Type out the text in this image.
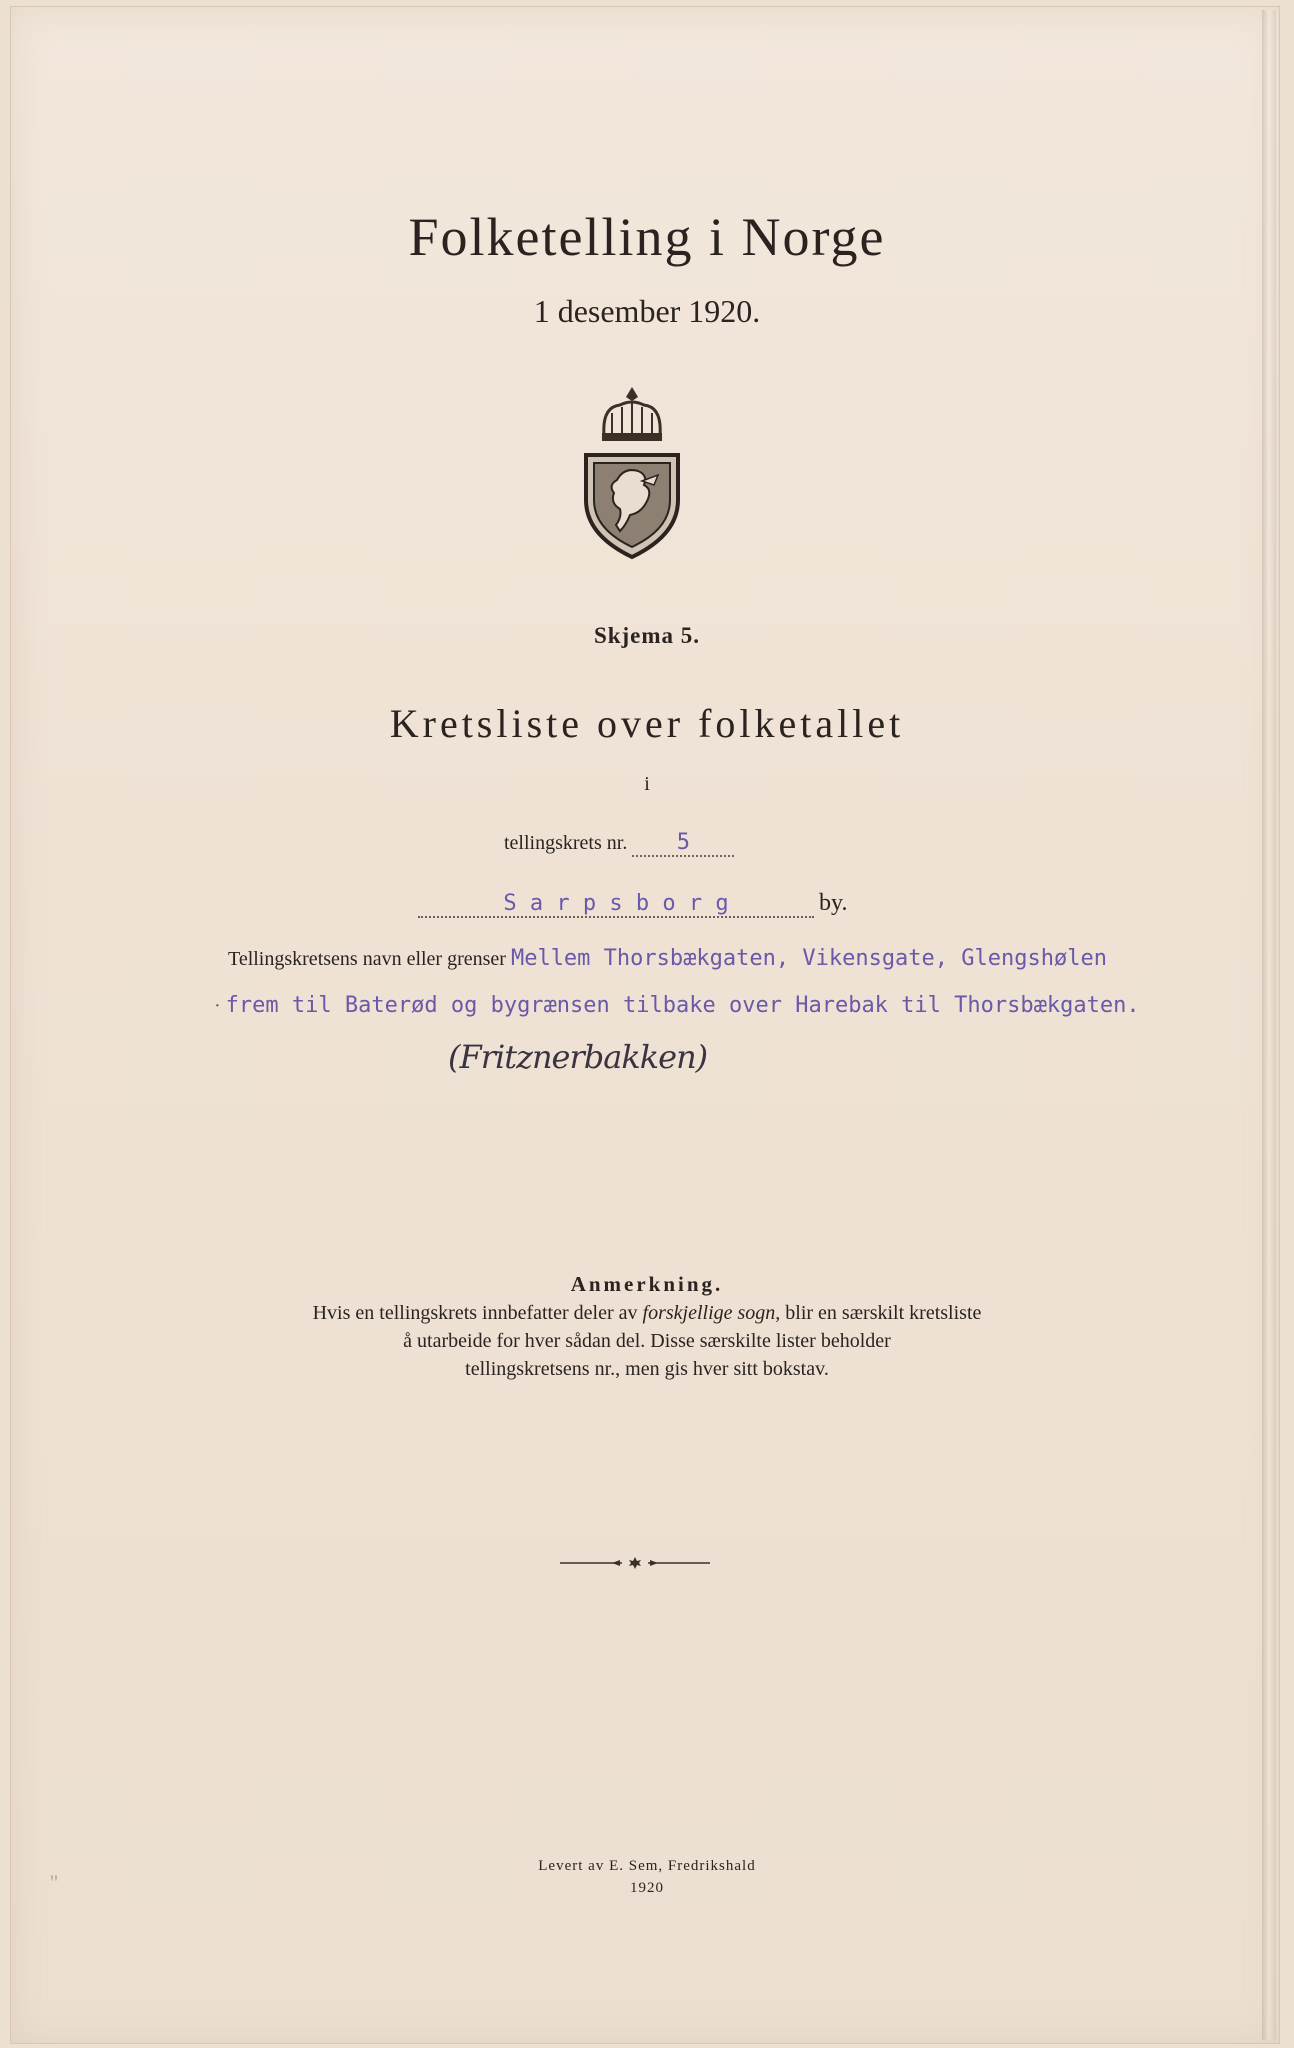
''
Folketelling i Norge
1 desember 1920.
Skjema 5.
Kretsliste over folketallet
i
tellingskrets nr. 5
S a r p s b o r g	by.
Tellingskretsens navn eller grenser Mellem Thorsbækgaten, Vikensgate, Glengshølen
· frem til Baterød og bygrænsen tilbake over Harebak til Thorsbækgaten.
(Fritznerbakken)
Anmerkning.
Hvis en tellingskrets innbefatter deler av forskjellige sogn, blir en særskilt kretsliste
å utarbeide for hver sådan del. Disse særskilte lister beholder
tellingskretsens nr., men gis hver sitt bokstav.
Levert av E. Sem, Fredrikshald
1920
